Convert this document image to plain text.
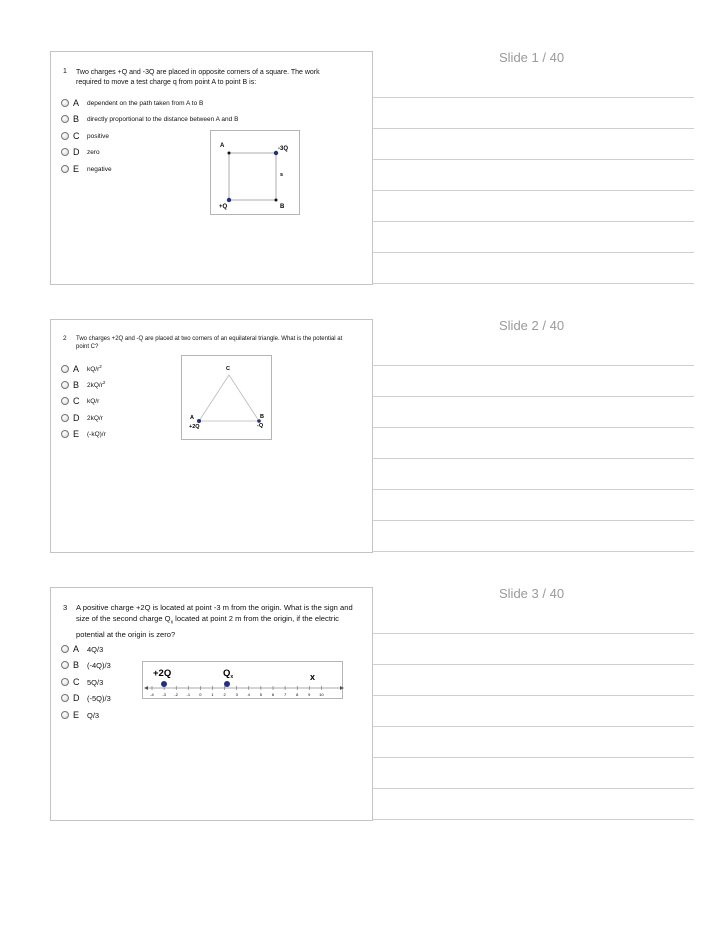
Slide 1 / 40
1 Two charges +Q and -3Q are placed in opposite corners of a square. The work required to move a test charge q from point A to point B is:
A	dependent on the path taken from A to B
B	directly proportional to the distance between A and B
C	positive
D	zero
E	negative
A	-3Q
s
+Q	B
Slide 2 / 40
2 Two charges +2Q and -Q are placed at two corners of an equilateral triangle. What is the potential at point C?
A	$kQ/r^2$
B	$2kQ/r^2$
C	kQ/r
D	2kQ/r
E	(-kQ)/r
C
A
+2Q
B
-Q
Slide 3 / 40
3 A positive charge +2Q is located at point -3 m from the origin. What is the sign and size of the second charge $Q_x$ located at point 2 m from the origin, if the electric potential at the origin is zero?
A	4Q/3
B	(-4Q)/3
C	5Q/3
D	(-5Q)/3
E	Q/3
-4 -3 -2 -1 0 1 2 3 4 5 6 7 8 9 10
+2Q	$Q_x$	x
